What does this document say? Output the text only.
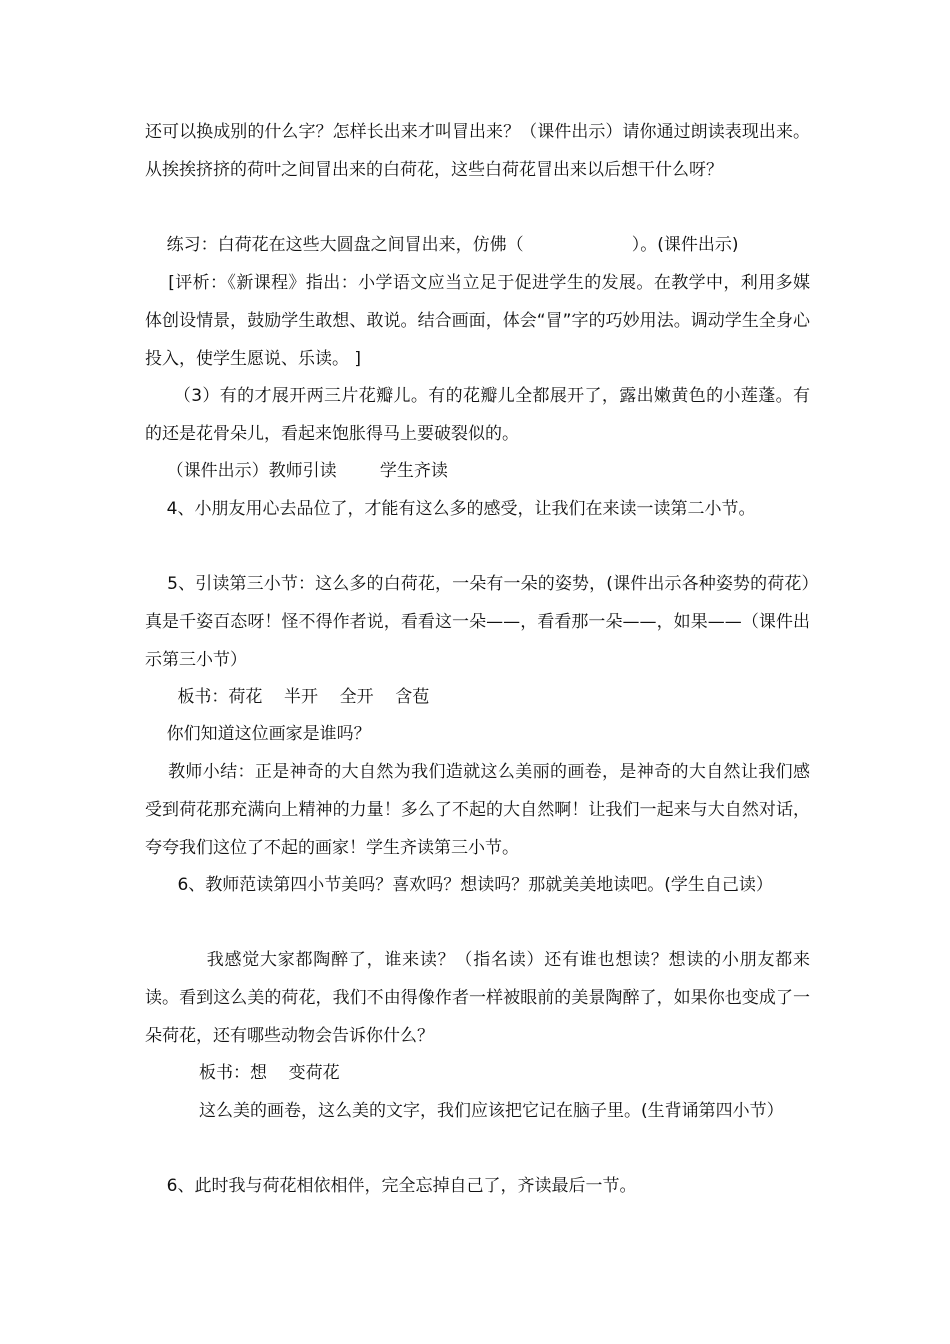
还可以换成别的什么字？怎样长出来才叫冒出来？（课件出示）请你通过朗读表现出来。从挨挨挤挤的荷叶之间冒出来的白荷花，这些白荷花冒出来以后想干什么呀？

练习：白荷花在这些大圆盘之间冒出来，仿佛（                    ）。(课件出示)

[评析：《新课程》指出：小学语文应当立足于促进学生的发展。在教学中，利用多媒体创设情景，鼓励学生敢想、敢说。结合画面，体会“冒”字的巧妙用法。调动学生全身心投入，使学生愿说、乐读。 ]

（3）有的才展开两三片花瓣儿。有的花瓣儿全都展开了，露出嫩黄色的小莲蓬。有的还是花骨朵儿，看起来饱胀得马上要破裂似的。

（课件出示）教师引读        学生齐读

4、小朋友用心去品位了，才能有这么多的感受，让我们在来读一读第二小节。

5、引读第三小节：这么多的白荷花，一朵有一朵的姿势，(课件出示各种姿势的荷花）真是千姿百态呀！怪不得作者说，看看这一朵——，看看那一朵——，如果——（课件出示第三小节）

板书：荷花    半开    全开    含苞

你们知道这位画家是谁吗？

教师小结：正是神奇的大自然为我们造就这么美丽的画卷，是神奇的大自然让我们感受到荷花那充满向上精神的力量！多么了不起的大自然啊！让我们一起来与大自然对话，夸夸我们这位了不起的画家！学生齐读第三小节。

6、教师范读第四小节美吗？喜欢吗？想读吗？那就美美地读吧。(学生自己读）

我感觉大家都陶醉了，谁来读？（指名读）还有谁也想读？想读的小朋友都来读。看到这么美的荷花，我们不由得像作者一样被眼前的美景陶醉了，如果你也变成了一朵荷花，还有哪些动物会告诉你什么？

板书：想    变荷花

这么美的画卷，这么美的文字，我们应该把它记在脑子里。(生背诵第四小节）

6、此时我与荷花相依相伴，完全忘掉自己了，齐读最后一节。
